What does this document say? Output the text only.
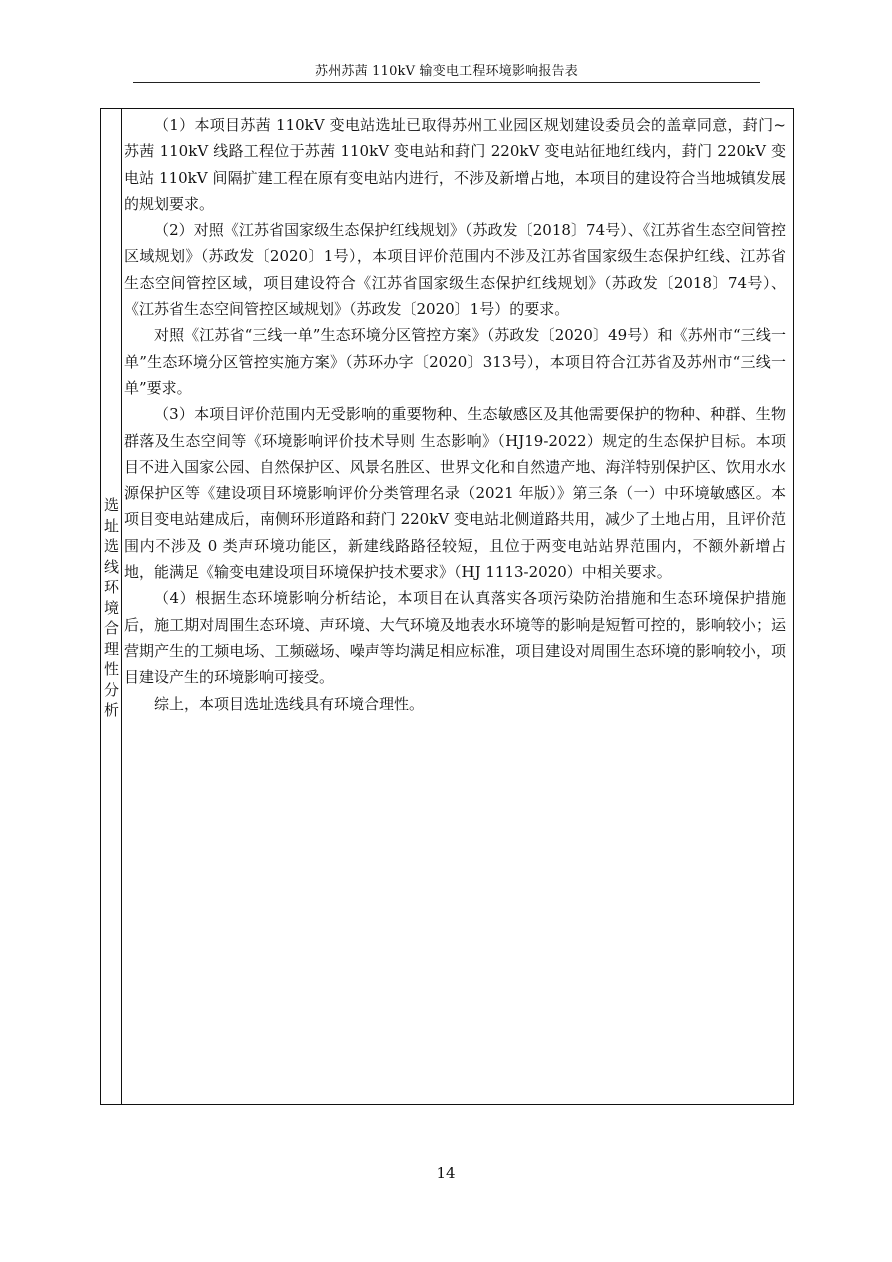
苏州苏茜 110kV 输变电工程环境影响报告表
选
址
选
线
环
境
合
理
性
分
析

（1）本项目苏茜 110kV 变电站选址已取得苏州工业园区规划建设委员会的盖章同意，葑门~苏茜 110kV 线路工程位于苏茜 110kV 变电站和葑门 220kV 变电站征地红线内，葑门 220kV 变电站 110kV 间隔扩建工程在原有变电站内进行，不涉及新增占地，本项目的建设符合当地城镇发展的规划要求。

（2）对照《江苏省国家级生态保护红线规划》（苏政发〔2018〕74号）、《江苏省生态空间管控区域规划》（苏政发〔2020〕1号），本项目评价范围内不涉及江苏省国家级生态保护红线、江苏省生态空间管控区域，项目建设符合《江苏省国家级生态保护红线规划》（苏政发〔2018〕74号）、《江苏省生态空间管控区域规划》（苏政发〔2020〕1号）的要求。

对照《江苏省“三线一单”生态环境分区管控方案》（苏政发〔2020〕49号）和《苏州市“三线一单”生态环境分区管控实施方案》（苏环办字〔2020〕313号），本项目符合江苏省及苏州市“三线一单”要求。

（3）本项目评价范围内无受影响的重要物种、生态敏感区及其他需要保护的物种、种群、生物群落及生态空间等《环境影响评价技术导则 生态影响》（HJ19-2022）规定的生态保护目标。本项目不进入国家公园、自然保护区、风景名胜区、世界文化和自然遗产地、海洋特别保护区、饮用水水源保护区等《建设项目环境影响评价分类管理名录（2021 年版）》第三条（一）中环境敏感区。本项目变电站建成后，南侧环形道路和葑门 220kV 变电站北侧道路共用，减少了土地占用，且评价范围内不涉及 0 类声环境功能区，新建线路路径较短，且位于两变电站站界范围内，不额外新增占地，能满足《输变电建设项目环境保护技术要求》（HJ 1113-2020）中相关要求。

（4）根据生态环境影响分析结论，本项目在认真落实各项污染防治措施和生态环境保护措施后，施工期对周围生态环境、声环境、大气环境及地表水环境等的影响是短暂可控的，影响较小；运营期产生的工频电场、工频磁场、噪声等均满足相应标准，项目建设对周围生态环境的影响较小，项目建设产生的环境影响可接受。

综上，本项目选址选线具有环境合理性。

14
